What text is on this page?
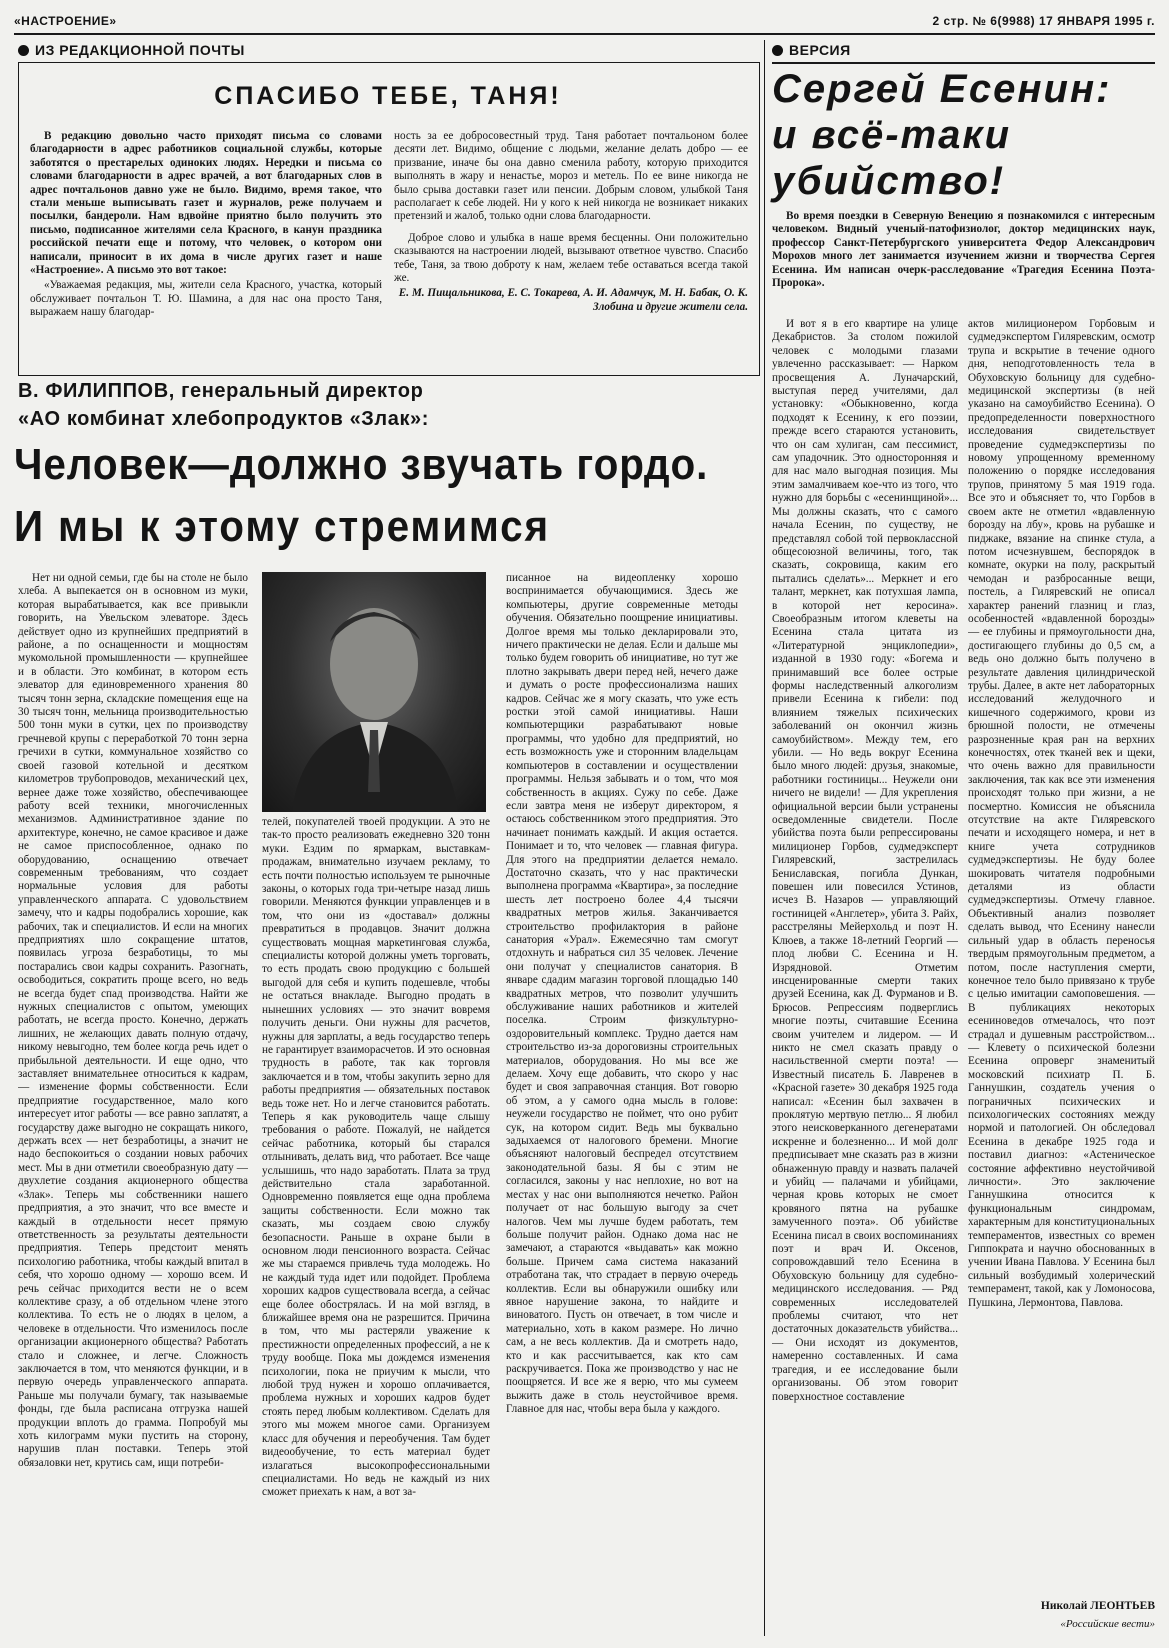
«НАСТРОЕНИЕ»	2 стр. № 6(9988) 17 ЯНВАРЯ 1995 г.
ИЗ РЕДАКЦИОННОЙ ПОЧТЫ
СПАСИБО ТЕБЕ, ТАНЯ!

В редакцию довольно часто приходят письма со словами благодарности в адрес работников социальной службы, которые заботятся о престарелых одиноких людях. Нередки и письма со словами благодарности в адрес врачей, а вот благодарных слов в адрес почтальонов давно уже не было. Видимо, время такое, что стали меньше выписывать газет и журналов, реже получаем и посылки, бандероли. Нам вдвойне приятно было получить это письмо, подписанное жителями села Красного, в канун праздника российской печати еще и потому, что человек, о котором они написали, приносит в их дома в числе других газет и наше «Настроение». А письмо это вот такое:

«Уважаемая редакция, мы, жители села Красного, участка, который обслуживает почтальон Т. Ю. Шамина, а для нас она просто Таня, выражаем нашу благодар-

ность за ее добросовестный труд. Таня работает почтальоном более десяти лет. Видимо, общение с людьми, желание делать добро — ее призвание, иначе бы она давно сменила работу, которую приходится выполнять в жару и ненастье, мороз и метель. По ее вине никогда не было срыва доставки газет или пенсии. Добрым словом, улыбкой Таня располагает к себе людей. Ни у кого к ней никогда не возникает никаких претензий и жалоб, только одни слова благодарности.

Доброе слово и улыбка в наше время бесценны. Они положительно сказываются на настроении людей, вызывают ответное чувство. Спасибо тебе, Таня, за твою доброту к нам, желаем тебе оставаться всегда такой же.

Е. М. Пищальникова, Е. С. Токарева, А. И. Адамчук, М. Н. Бабак, О. К. Злобина и другие жители села.

В. ФИЛИППОВ, генеральный директор
«АО комбинат хлебопродуктов «Злак»:
Человек—должно звучать гордо.
И мы к этому стремимся

Нет ни одной семьи, где бы на столе не было хлеба. А выпекается он в основном из муки, которая вырабатывается, как все привыкли говорить, на Увельском элеваторе. Здесь действует одно из крупнейших предприятий в районе, а по оснащенности и мощностям мукомольной промышленности — крупнейшее и в области. Это комбинат, в котором есть элеватор для единовременного хранения 80 тысяч тонн зерна, складские помещения еще на 30 тысяч тонн, мельница производительностью 500 тонн муки в сутки, цех по производству гречневой крупы с переработкой 70 тонн зерна гречихи в сутки, коммунальное хозяйство со своей газовой котельной и десятком километров трубопроводов, механический цех, вернее даже тоже хозяйство, обеспечивающее работу всей техники, многочисленных механизмов. Административное здание по архитектуре, конечно, не самое красивое и даже не самое приспособленное, однако по оборудованию, оснащению отвечает современным требованиям, что создает нормальные условия для работы управленческого аппарата. С удовольствием замечу, что и кадры подобрались хорошие, как рабочих, так и специалистов. И если на многих предприятиях шло сокращение штатов, появилась угроза безработицы, то мы постарались свои кадры сохранить. Разогнать, освободиться, сократить проще всего, но ведь не всегда будет спад производства. Найти же нужных специалистов с опытом, умеющих работать, не всегда просто. Конечно, держать лишних, не желающих давать полную отдачу, никому невыгодно, тем более когда речь идет о прибыльной деятельности. И еще одно, что заставляет внимательнее относиться к кадрам, — изменение формы собственности. Если предприятие государственное, мало кого интересует итог работы — все равно заплатят, а государству даже выгодно не сокращать никого, держать всех — нет безработицы, а значит не надо беспокоиться о создании новых рабочих мест. Мы в дни отметили своеобразную дату — двухлетие создания акционерного общества «Злак». Теперь мы собственники нашего предприятия, а это значит, что все вместе и каждый в отдельности несет прямую ответственность за результаты деятельности предприятия. Теперь предстоит менять психологию работника, чтобы каждый впитал в себя, что хорошо одному — хорошо всем. И речь сейчас приходится вести не о всем коллективе сразу, а об отдельном члене этого коллектива. То есть не о людях в целом, а человеке в отдельности. Что изменилось после организации акционерного общества? Работать стало и сложнее, и легче. Сложность заключается в том, что меняются функции, и в первую очередь управленческого аппарата. Раньше мы получали бумагу, так называемые фонды, где была расписана отгрузка нашей продукции вплоть до грамма. Попробуй мы хоть килограмм муки пустить на сторону, нарушив план поставки. Теперь этой обязаловки нет, крутись сам, ищи потреби-

телей, покупателей твоей продукции. А это не так-то просто реализовать ежедневно 320 тонн муки. Ездим по ярмаркам, выставкам-продажам, внимательно изучаем рекламу, то есть почти полностью используем те рыночные законы, о которых года три-четыре назад лишь говорили. Меняются функции управленцев и в том, что они из «доставал» должны превратиться в продавцов. Значит должна существовать мощная маркетинговая служба, специалисты которой должны уметь торговать, то есть продать свою продукцию с большей выгодой для себя и купить подешевле, чтобы не остаться внакладе. Выгодно продать в нынешних условиях — это значит вовремя получить деньги. Они нужны для расчетов, нужны для зарплаты, а ведь государство теперь не гарантирует взаиморасчетов. И это основная трудность в работе, так как торговля заключается и в том, чтобы закупить зерно для работы предприятия — обязательных поставок ведь тоже нет. Но и легче становится работать. Теперь я как руководитель чаще слышу требования о работе. Пожалуй, не найдется сейчас работника, который бы старался отлынивать, делать вид, что работает. Все чаще услышишь, что надо заработать. Плата за труд действительно стала заработанной. Одновременно появляется еще одна проблема защиты собственности. Если можно так сказать, мы создаем свою службу безопасности. Раньше в охране были в основном люди пенсионного возраста. Сейчас же мы стараемся привлечь туда молодежь. Но не каждый туда идет или подойдет. Проблема хороших кадров существовала всегда, а сейчас еще более обострялась. И на мой взгляд, в ближайшее время она не разрешится. Причина в том, что мы растеряли уважение к престижности определенных профессий, а не к труду вообще. Пока мы дождемся изменения психологии, пока не приучим к мысли, что любой труд нужен и хорошо оплачивается, проблема нужных и хороших кадров будет стоять перед любым коллективом. Сделать для этого мы можем многое сами. Организуем класс для обучения и переобучения. Там будет видеообучение, то есть материал будет излагаться высокопрофессиональными специалистами. Но ведь не каждый из них сможет приехать к нам, а вот за-

писанное на видеопленку хорошо воспринимается обучающимися. Здесь же компьютеры, другие современные методы обучения. Обязательно поощрение инициативы. Долгое время мы только декларировали это, ничего практически не делая. Если и дальше мы только будем говорить об инициативе, но тут же плотно закрывать двери перед ней, нечего даже и думать о росте профессионализма наших кадров. Сейчас же я могу сказать, что уже есть ростки этой самой инициативы. Наши компьютерщики разрабатывают новые программы, что удобно для предприятий, но есть возможность уже и сторонним владельцам компьютеров в составлении и осуществлении программы. Нельзя забывать и о том, что моя собственность в акциях. Сужу по себе. Даже если завтра меня не изберут директором, я остаюсь собственником этого предприятия. Это начинает понимать каждый. И акция остается. Понимает и то, что человек — главная фигура. Для этого на предприятии делается немало. Достаточно сказать, что у нас практически выполнена программа «Квартира», за последние шесть лет построено более 4,4 тысячи квадратных метров жилья. Заканчивается строительство профилактория в районе санатория «Урал». Ежемесячно там смогут отдохнуть и набраться сил 35 человек. Лечение они получат у специалистов санатория. В январе сдадим магазин торговой площадью 140 квадратных метров, что позволит улучшить обслуживание наших работников и жителей поселка. Строим физкультурно-оздоровительный комплекс. Трудно дается нам строительство из-за дороговизны строительных материалов, оборудования. Но мы все же делаем. Хочу еще добавить, что скоро у нас будет и своя заправочная станция. Вот говорю об этом, а у самого одна мысль в голове: неужели государство не поймет, что оно рубит сук, на котором сидит. Ведь мы буквально задыхаемся от налогового бремени. Многие объясняют налоговый беспредел отсутствием законодательной базы. Я бы с этим не согласился, законы у нас неплохие, но вот на местах у нас они выполняются нечетко. Район получает от нас большую выгоду за счет налогов. Чем мы лучше будем работать, тем больше получит район. Однако дома нас не замечают, а стараются «выдавать» как можно больше. Причем сама система наказаний отработана так, что страдает в первую очередь коллектив. Если вы обнаружили ошибку или явное нарушение закона, то найдите и виноватого. Пусть он отвечает, в том числе и материально, хоть в каком размере. Но лично сам, а не весь коллектив. Да и смотреть надо, кто и как рассчитывается, как кто сам раскручивается. Пока же производство у нас не поощряется. И все же я верю, что мы сумеем выжить даже в столь неустойчивое время. Главное для нас, чтобы вера была у каждого.

ВЕРСИЯ
Сергей Есенин:
и всё-таки
убийство!

Во время поездки в Северную Венецию я познакомился с интересным человеком. Видный ученый-патофизиолог, доктор медицинских наук, профессор Санкт-Петербургского университета Федор Александрович Морохов много лет занимается изучением жизни и творчества Сергея Есенина. Им написан очерк-расследование «Трагедия Есенина Поэта-Пророка».

И вот я в его квартире на улице Декабристов. За столом пожилой человек с молодыми глазами увлеченно рассказывает: — Нарком просвещения А. Луначарский, выступая перед учителями, дал установку: «Обыкновенно, когда подходят к Есенину, к его поэзии, прежде всего стараются установить, что он сам хулиган, сам пессимист, сам упадочник. Это односторонняя и для нас мало выгодная позиция. Мы этим замалчиваем кое-что из того, что нужно для борьбы с «есенинщиной»... Мы должны сказать, что с самого начала Есенин, по существу, не представлял собой той первоклассной общесоюзной величины, того, так сказать, сокровища, каким его пытались сделать»... Меркнет и его талант, меркнет, как потухшая лампа, в которой нет керосина». Своеобразным итогом клеветы на Есенина стала цитата из «Литературной энциклопедии», изданной в 1930 году: «Богема и принимавший все более острые формы наследственный алкоголизм привели Есенина к гибели: под влиянием тяжелых психических заболеваний он окончил жизнь самоубийством». Между тем, его убили. — Но ведь вокруг Есенина было много людей: друзья, знакомые, работники гостиницы... Неужели они ничего не видели! — Для укрепления официальной версии были устранены осведомленные свидетели. После убийства поэта были репрессированы милиционер Горбов, судмедэксперт Гиляревский, застрелилась Бениславская, погибла Дункан, повешен или повесился Устинов, исчез В. Назаров — управляющий гостиницей «Англетер», убита З. Райх, расстреляны Мейерхольд и поэт Н. Клюев, а также 18-летний Георгий — плод любви С. Есенина и Н. Изрядновой. Отметим инсценированные смерти таких друзей Есенина, как Д. Фурманов и В. Брюсов. Репрессиям подверглись многие поэты, считавшие Есенина своим учителем и лидером. — И никто не смел сказать правду о насильственной смерти поэта! — Известный писатель Б. Лавренев в «Красной газете» 30 декабря 1925 года написал: «Есенин был захвачен в проклятую мертвую петлю... Я любил этого неисковерканного дегенератами искренне и болезненно... И мой долг предписывает мне сказать раз в жизни обнаженную правду и назвать палачей и убийц — палачами и убийцами, черная кровь которых не смоет кровяного пятна на рубашке замученного поэта». Об убийстве Есенина писал в своих воспоминаниях поэт и врач И. Оксенов, сопровождавший тело Есенина в Обуховскую больницу для судебно-медицинского исследования. — Ряд современных исследователей проблемы считают, что нет достаточных доказательств убийства... — Они исходят из документов, намеренно составленных. И сама трагедия, и ее исследование были организованы. Об этом говорит поверхностное составление

актов милиционером Горбовым и судмедэкспертом Гиляревским, осмотр трупа и вскрытие в течение одного дня, неподготовленность тела в Обуховскую больницу для судебно-медицинской экспертизы (в ней указано на самоубийство Есенина). О предопределенности поверхностного исследования свидетельствует проведение судмедэкспертизы по новому упрощенному временному положению о порядке исследования трупов, принятому 5 мая 1919 года. Все это и объясняет то, что Горбов в своем акте не отметил «вдавленную борозду на лбу», кровь на рубашке и пиджаке, вязание на спинке стула, а потом исчезнувшем, беспорядок в комнате, окурки на полу, раскрытый чемодан и разбросанные вещи, постель, а Гиляревский не описал характер ранений глазниц и глаз, особенностей «вдавленной борозды» — ее глубины и прямоугольности дна, достигающего глубины до 0,5 см, а ведь оно должно быть получено в результате давления цилиндрической трубы. Далее, в акте нет лабораторных исследований желудочного и кишечного содержимого, крови из брюшной полости, не отмечены разрозненные края ран на верхних конечностях, отек тканей век и щеки, что очень важно для правильности заключения, так как все эти изменения происходят только при жизни, а не посмертно. Комиссия не объяснила отсутствие на акте Гиляревского печати и исходящего номера, и нет в книге учета сотрудников судмедэкспертизы. Не буду более шокировать читателя подробными деталями из области судмедэкспертизы. Отмечу главное. Объективный анализ позволяет сделать вывод, что Есенину нанесли сильный удар в область переносья твердым прямоугольным предметом, а потом, после наступления смерти, конечное тело было привязано к трубе с целью имитации самоповешения. — В публикациях некоторых есениноведов отмечалось, что поэт страдал и душевным расстройством... — Клевету о психической болезни Есенина опроверг знаменитый московский психиатр П. Б. Ганнушкин, создатель учения о пограничных психических и психологических состояниях между нормой и патологией. Он обследовал Есенина в декабре 1925 года и поставил диагноз: «Астеническое состояние аффективно неустойчивой личности». Это заключение Ганнушкина относится к функциональным синдромам, характерным для конституциональных темпераментов, известных со времен Гиппократа и научно обоснованных в учении Ивана Павлова. У Есенина был сильный возбудимый холерический темперамент, такой, как у Ломоносова, Пушкина, Лермонтова, Павлова.

Николай ЛЕОНТЬЕВ
«Российские вести»
